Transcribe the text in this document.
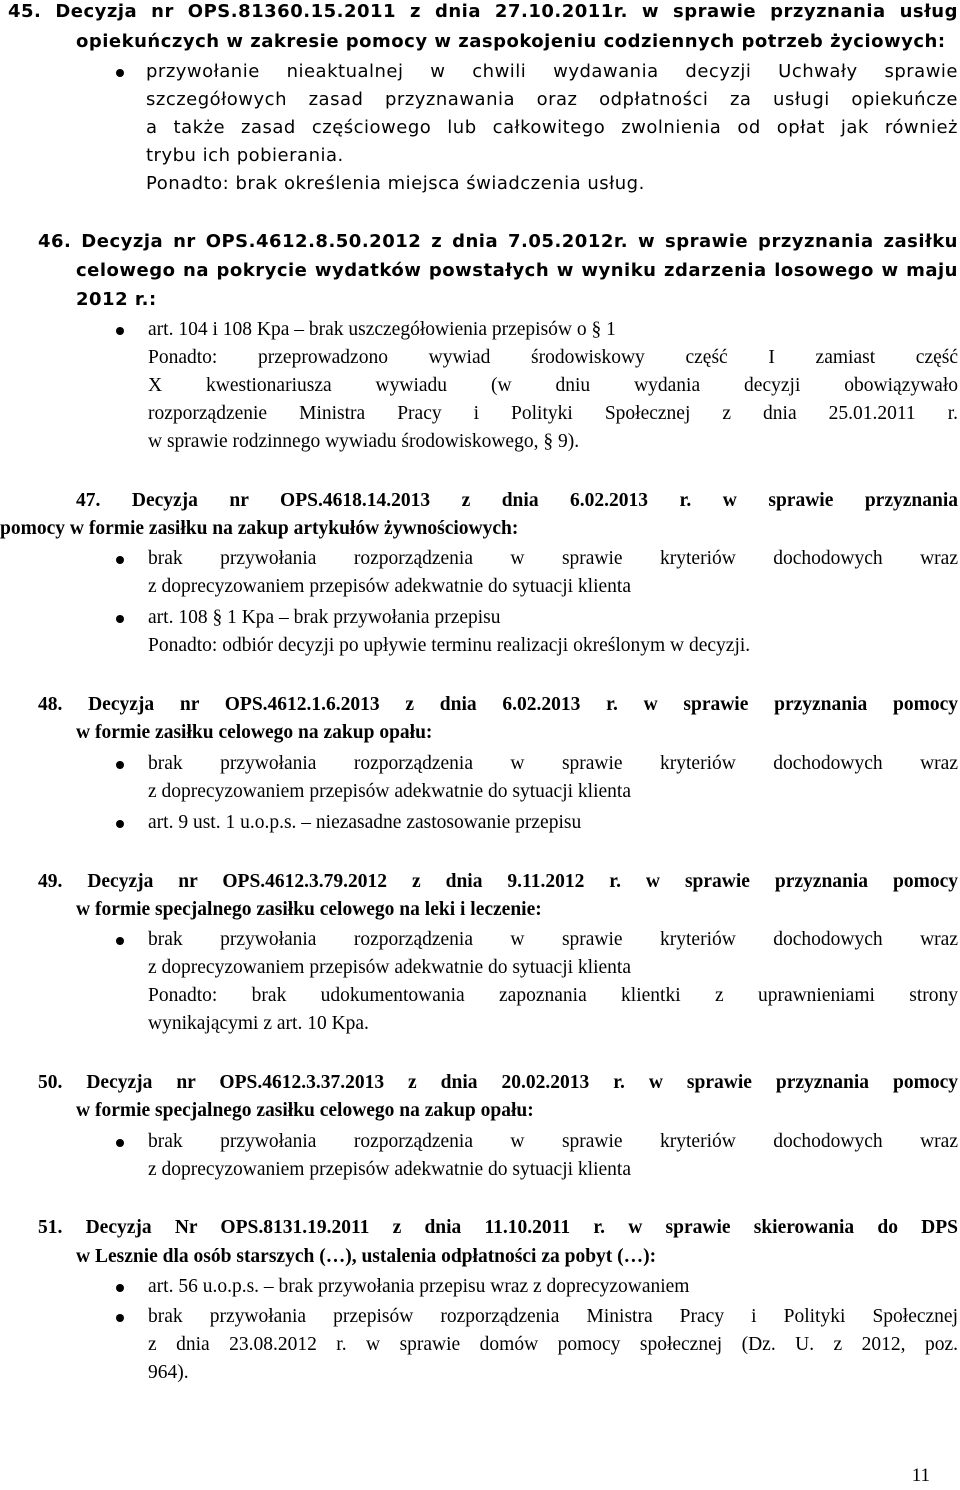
45. Decyzja nr OPS.81360.15.2011 z dnia 27.10.2011r. w sprawie przyznania usług
opiekuńczych w zakresie pomocy w zaspokojeniu codziennych potrzeb życiowych:
przywołanie nieaktualnej w chwili wydawania decyzji Uchwały sprawie
szczegółowych zasad przyznawania oraz odpłatności za usługi opiekuńcze
a także zasad częściowego lub całkowitego zwolnienia od opłat jak również
trybu ich pobierania.
Ponadto: brak określenia miejsca świadczenia usług.
46. Decyzja nr OPS.4612.8.50.2012 z dnia 7.05.2012r. w sprawie przyznania zasiłku
celowego na pokrycie wydatków powstałych w wyniku zdarzenia losowego w maju
2012 r.:
art. 104 i 108 Kpa – brak uszczegółowienia przepisów o § 1
Ponadto: przeprowadzono wywiad środowiskowy część I zamiast część
X kwestionariusza wywiadu (w dniu wydania decyzji obowiązywało
rozporządzenie Ministra Pracy i Polityki Społecznej z dnia 25.01.2011 r.
w sprawie rodzinnego wywiadu środowiskowego, § 9).
47. Decyzja nr OPS.4618.14.2013 z dnia 6.02.2013 r. w sprawie przyznania
pomocy w formie zasiłku na zakup artykułów żywnościowych:
brak przywołania rozporządzenia w sprawie kryteriów dochodowych wraz
z doprecyzowaniem przepisów adekwatnie do sytuacji klienta
art. 108 § 1 Kpa – brak przywołania przepisu
Ponadto: odbiór decyzji po upływie terminu realizacji określonym w decyzji.
48. Decyzja nr OPS.4612.1.6.2013 z dnia 6.02.2013 r. w sprawie przyznania pomocy
w formie zasiłku celowego na zakup opału:
brak przywołania rozporządzenia w sprawie kryteriów dochodowych wraz
z doprecyzowaniem przepisów adekwatnie do sytuacji klienta
art. 9 ust. 1 u.o.p.s. – niezasadne zastosowanie przepisu
49. Decyzja nr OPS.4612.3.79.2012 z dnia 9.11.2012 r. w sprawie przyznania pomocy
w formie specjalnego zasiłku celowego na leki i leczenie:
brak przywołania rozporządzenia w sprawie kryteriów dochodowych wraz
z doprecyzowaniem przepisów adekwatnie do sytuacji klienta
Ponadto: brak udokumentowania zapoznania klientki z uprawnieniami strony
wynikającymi z art. 10 Kpa.
50. Decyzja nr OPS.4612.3.37.2013 z dnia 20.02.2013 r. w sprawie przyznania pomocy
w formie specjalnego zasiłku celowego na zakup opału:
brak przywołania rozporządzenia w sprawie kryteriów dochodowych wraz
z doprecyzowaniem przepisów adekwatnie do sytuacji klienta
51. Decyzja Nr OPS.8131.19.2011 z dnia 11.10.2011 r. w sprawie skierowania do DPS
w Lesznie dla osób starszych (…), ustalenia odpłatności za pobyt (…):
art. 56 u.o.p.s. – brak przywołania przepisu wraz z doprecyzowaniem
brak przywołania przepisów rozporządzenia Ministra Pracy i Polityki Społecznej
z dnia 23.08.2012 r. w sprawie domów pomocy społecznej (Dz. U. z 2012, poz.
964).
11
